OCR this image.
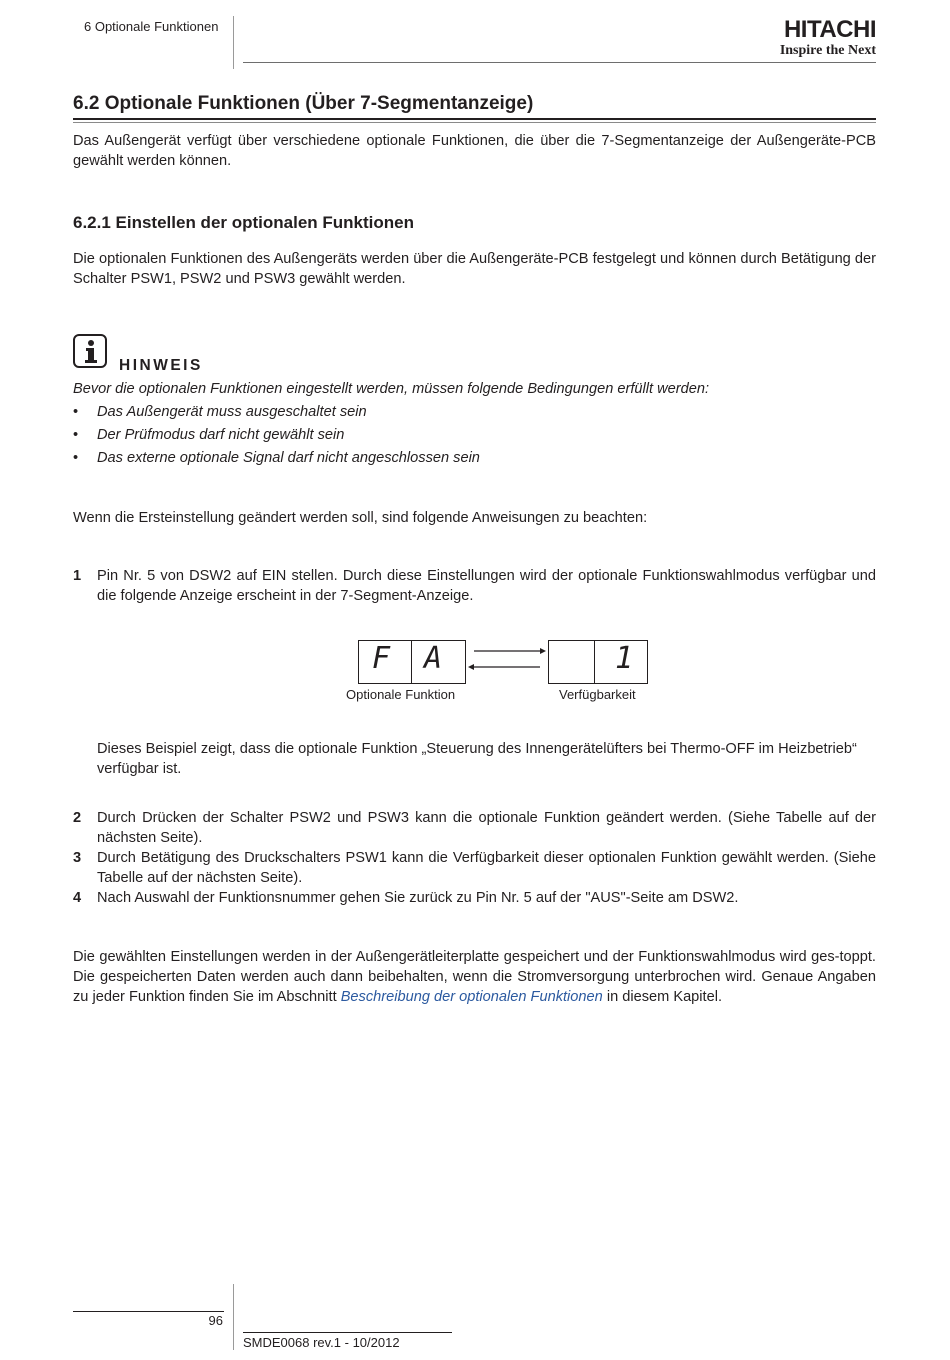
6 Optionale Funktionen	HITACHI
Inspire the Next
6.2 Optionale Funktionen (Über 7-Segmentanzeige)
Das Außengerät verfügt über verschiedene optionale Funktionen, die über die 7-Segmentanzeige der Außengeräte-PCB gewählt werden können.
6.2.1 Einstellen der optionalen Funktionen
Die optionalen Funktionen des Außengeräts werden über die Außengeräte-PCB festgelegt und können durch Betätigung der Schalter PSW1, PSW2 und PSW3 gewählt werden.
HINWEIS
Bevor die optionalen Funktionen eingestellt werden, müssen folgende Bedingungen erfüllt werden:
• Das Außengerät muss ausgeschaltet sein
• Der Prüfmodus darf nicht gewählt sein
• Das externe optionale Signal darf nicht angeschlossen sein
Wenn die Ersteinstellung geändert werden soll, sind folgende Anweisungen zu beachten:
1 Pin Nr. 5 von DSW2 auf EIN stellen. Durch diese Einstellungen wird der optionale Funktionswahlmodus verfügbar und die folgende Anzeige erscheint in der 7-Segment-Anzeige.
F A	1
Optionale Funktion	Verfügbarkeit
Dieses Beispiel zeigt, dass die optionale Funktion „Steuerung des Innengerätelüfters bei Thermo-OFF im Heizbetrieb“ verfügbar ist.
2 Durch Drücken der Schalter PSW2 und PSW3 kann die optionale Funktion geändert werden. (Siehe Tabelle auf der nächsten Seite).
3 Durch Betätigung des Druckschalters PSW1 kann die Verfügbarkeit dieser optionalen Funktion gewählt werden. (Siehe Tabelle auf der nächsten Seite).
4 Nach Auswahl der Funktionsnummer gehen Sie zurück zu Pin Nr. 5 auf der "AUS"-Seite am DSW2.
Die gewählten Einstellungen werden in der Außengerätleiterplatte gespeichert und der Funktionswahlmodus wird ges-toppt. Die gespeicherten Daten werden auch dann beibehalten, wenn die Stromversorgung unterbrochen wird. Genaue Angaben zu jeder Funktion finden Sie im Abschnitt Beschreibung der optionalen Funktionen in diesem Kapitel.
96
SMDE0068 rev.1 - 10/2012
